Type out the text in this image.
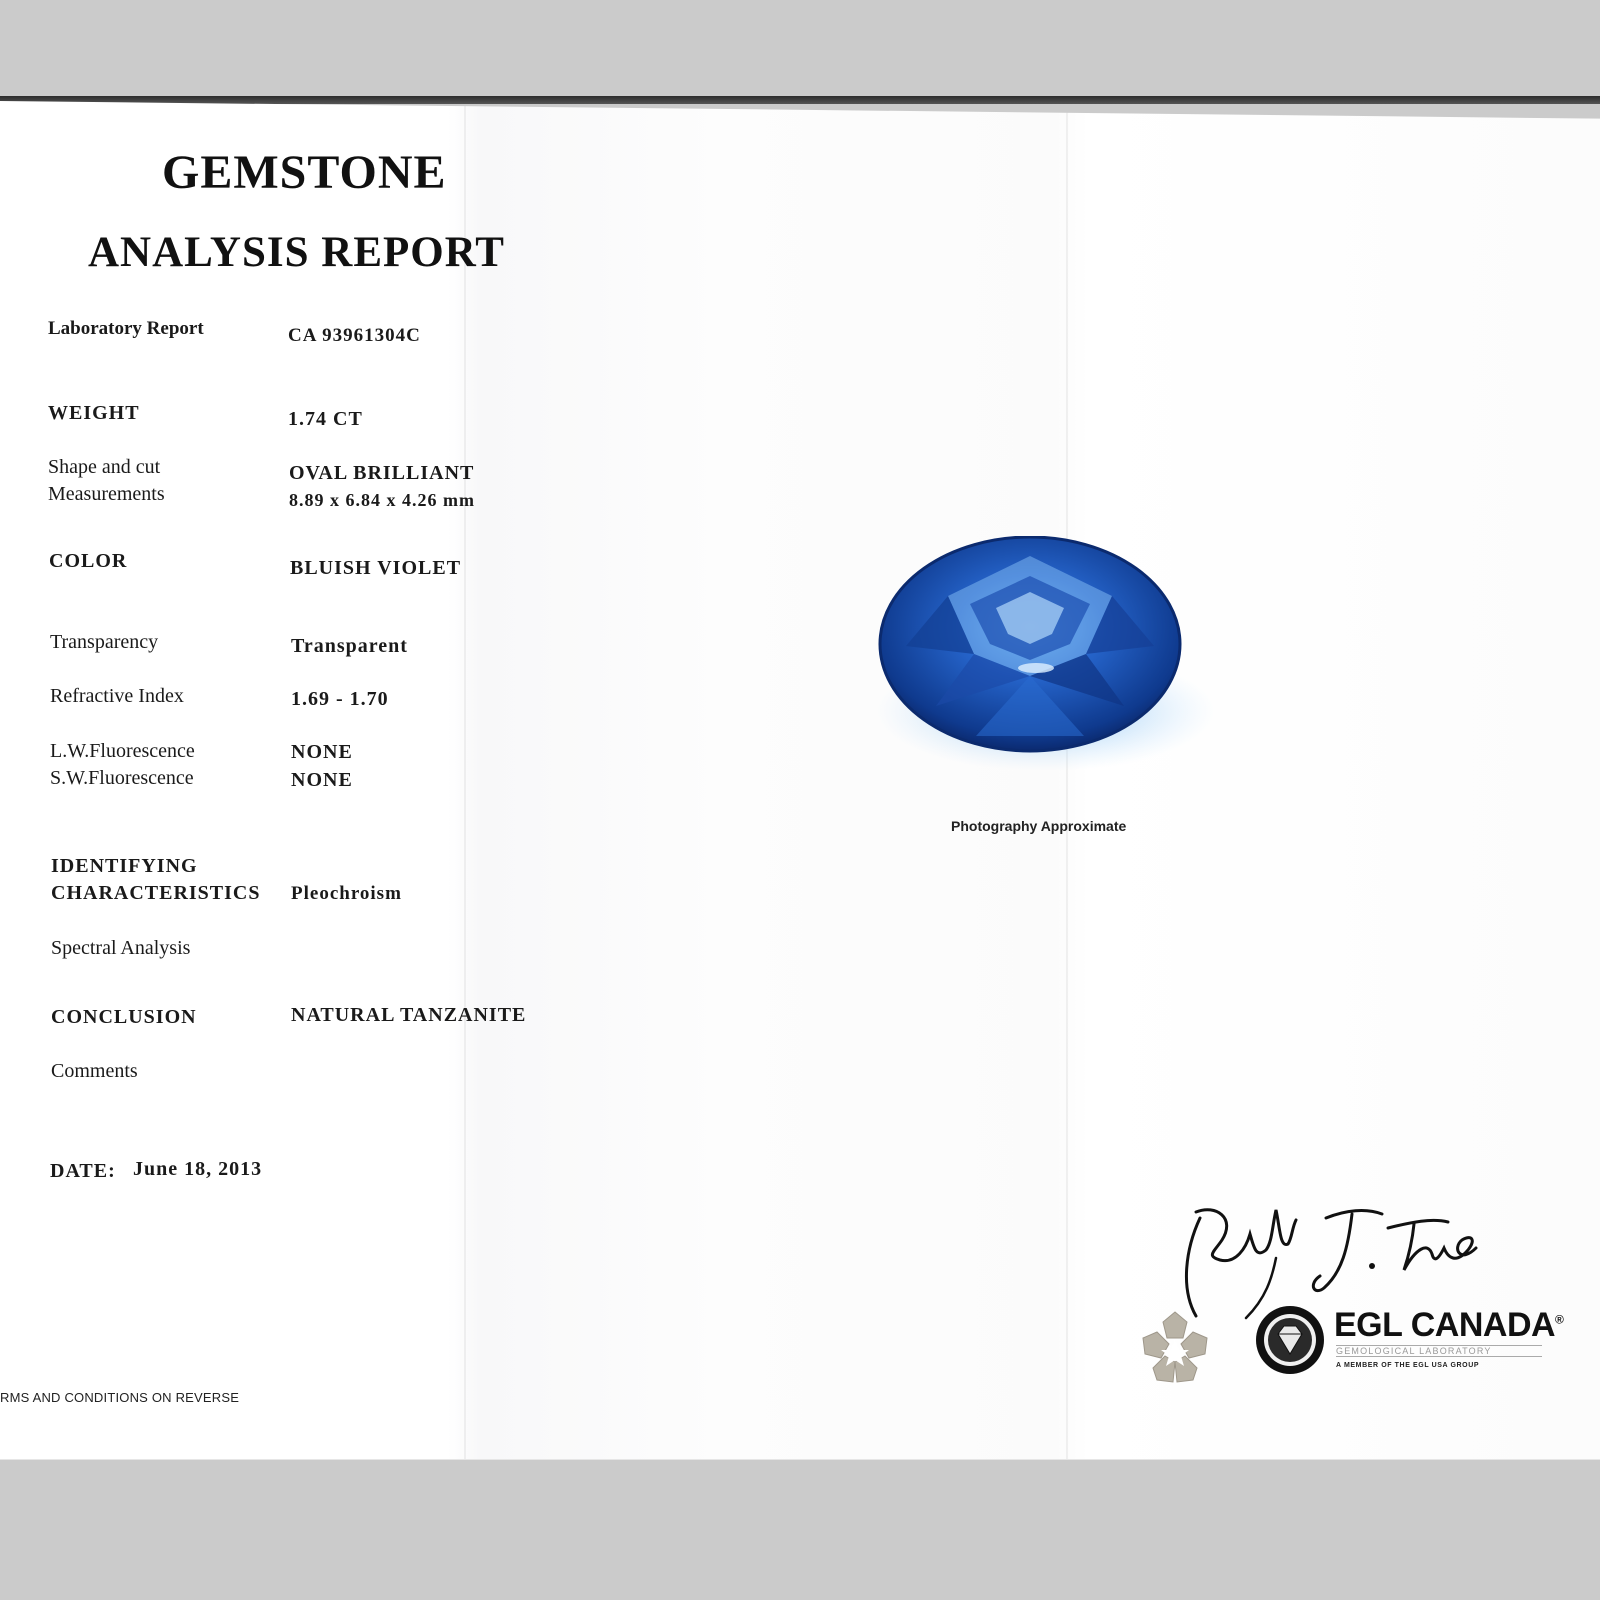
GEMSTONE
ANALYSIS REPORT
Laboratory Report	CA 93961304C
WEIGHT	1.74 CT
Shape and cut	OVAL BRILLIANT
Measurements	8.89 x 6.84 x 4.26 mm
COLOR	BLUISH VIOLET
Transparency	Transparent
Refractive Index	1.69 - 1.70
L.W.Fluorescence	NONE
S.W.Fluorescence	NONE
IDENTIFYING
CHARACTERISTICS Pleochroism
Spectral Analysis
CONCLUSION	NATURAL TANZANITE
Comments
DATE: June 18, 2013
Photography Approximate
RMS AND CONDITIONS ON REVERSE
EGL CANADA®
GEMOLOGICAL LABORATORY
A MEMBER OF THE EGL USA GROUP
